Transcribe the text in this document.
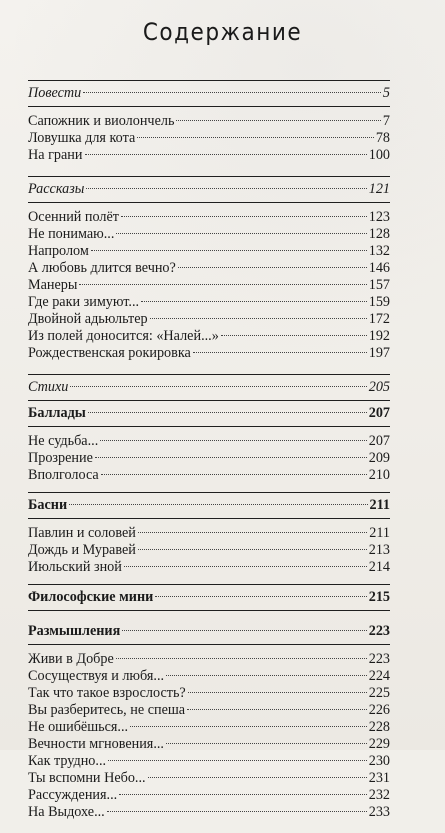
Содержание
Повести	5
Сапожник и виолончель	7
Ловушка для кота	78
На грани	100
Рассказы	121
Осенний полёт	123
Не понимаю...	128
Напролом	132
А любовь длится вечно?	146
Манеры	157
Где раки зимуют...	159
Двойной адьюльтер	172
Из полей доносится: «Налей...»	192
Рождественская рокировка	197
Стихи	205
Баллады	207
Не судьба...	207
Прозрение	209
Вполголоса	210
Басни	211
Павлин и соловей	211
Дождь и Муравей	213
Июльский зной	214
Философские мини	215
Размышления	223
Живи в Добре	223
Сосуществуя и любя...	224
Так что такое взрослость?	225
Вы разберитесь, не спеша	226
Не ошибёшься...	228
Вечности мгновения...	229
Как трудно...	230
Ты вспомни Небо...	231
Рассуждения...	232
На Выдохе...	233
